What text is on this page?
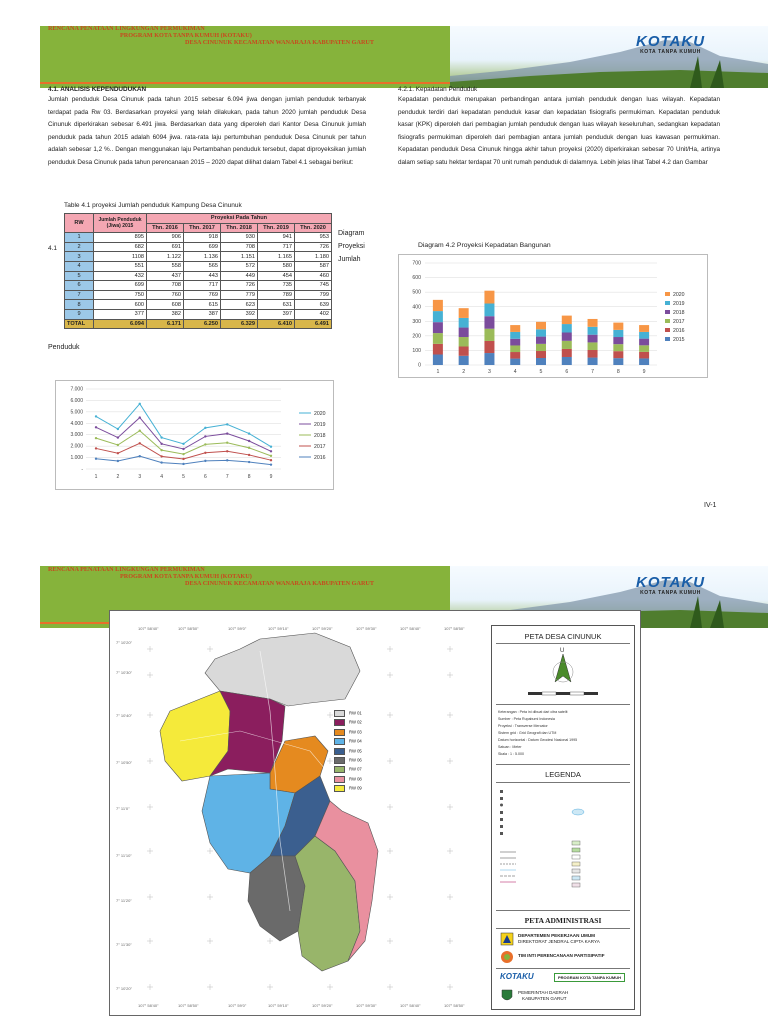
RENCANA PENATAAN LINGKUNGAN PERMUKIMAN
PROGRAM KOTA TANPA KUMUH (KOTAKU)
DESA CINUNUK KECAMATAN WANARAJA KABUPATEN GARUT	KOTAKU
KOTA TANPA KUMUH
4.1. ANALISIS KEPENDUDUKAN
Jumlah penduduk Desa Cinunuk pada tahun 2015 sebesar 6.094 jiwa dengan jumlah penduduk terbanyak terdapat pada Rw 03. Berdasarkan proyeksi yang telah dilakukan, pada tahun 2020 jumlah penduduk Desa Cinunuk diperkirakan sebesar 6.491 jiwa. Berdasarkan data yang diperoleh dari Kantor Desa Cinunuk jumlah penduduk pada tahun 2015 adalah 6094 jiwa. rata-rata laju pertumbuhan penduduk Desa Cinunuk per tahun adalah sebesar 1,2 %.. Dengan menggunakan laju Pertambahan penduduk tersebut, dapat diproyeksikan jumlah penduduk Desa Cinunuk pada tahun perencanaan 2015 – 2020 dapat dilihat dalam Tabel 4.1 sebagai berikut:
Table 4.1 proyeksi Jumlah penduduk Kampung Desa Cinunuk
RW	Jumlah Penduduk (Jiwa) 2015	Proyeksi Pada Tahun				
		Thn. 2016	Thn. 2017	Thn. 2018	Thn. 2019	Thn. 2020
1	895	906	918	930	941	953
2	682	691	699	708	717	726
3	1108	1.122	1.136	1.151	1.165	1.180
4	551	558	565	572	580	587
5	432	437	443	449	454	460
6	699	708	717	726	735	745
7	750	760	769	779	789	799
8	600	608	615	623	631	639
9	377	382	387	392	397	402
TOTAL	6.094	6.171	6.250	6.329	6.410	6.491
4.1
Diagram
Proyeksi
Jumlah
Penduduk
4.2.1. Kepadatan Penduduk
Kepadatan penduduk merupakan perbandingan antara jumlah penduduk dengan luas wilayah. Kepadatan penduduk terdiri dari kepadatan penduduk kasar dan kepadatan fisiografis permukiman. Kepadatan penduduk kasar (KPK) diperoleh dari pembagian jumlah penduduk dengan luas wilayah keseluruhan, sedangkan kepadatan fisiografis permukiman diperoleh dari pembagian antara jumlah penduduk dengan luas kawasan permukiman. Kepadatan penduduk Desa Cinunuk hingga akhir tahun proyeksi (2020) diperkirakan sebesar 70 Unit/Ha, artinya dalam setiap satu hektar terdapat 70 unit rumah penduduk di dalamnya. Lebih jelas lihat Tabel 4.2 dan Gambar
-
1.000
2.000
3.000
4.000
5.000
6.000
7.000
1	2	3	4	5	6	7	8	9
2020
2019
2018
2017
2016
Diagram 4.2 Proyeksi Kepadatan Bangunan
0
100
200
300
400
500
600
700
1	2	3	4	5	6	7	8	9
2020
2019
2018
2017
2016
2015
IV-1
RENCANA PENATAAN LINGKUNGAN PERMUKIMAN
PROGRAM KOTA TANPA KUMUH (KOTAKU)
DESA CINUNUK KECAMATAN WANARAJA KABUPATEN GARUT	KOTAKU
KOTA TANPA KUMUH
RW 01
RW 02
RW 03
RW 04
RW 05
RW 06
RW 07
RW 08
RW 09
107° 58'40"
107° 58'40"
107° 58'50"
107° 58'50"
107° 59'0"
107° 59'0"
107° 59'10"
107° 59'10"
107° 59'20"
107° 59'20"
107° 59'30"
107° 59'30"
107° 58'40"
107° 58'40"
107° 58'50"
107° 58'50"
7° 10'20"
7° 10'30"
7° 10'40"
7° 10'50"
7° 11'0"
7° 11'10"
7° 11'20"
7° 11'30"
7° 10'20"
PETA DESA CINUNUK
U
Keterangan : Peta ini dibuat dari citra satelit
Sumber : Peta Rupabumi Indonesia
Proyeksi : Transverse Mercator
Sistem grid : Grid Geografi dan UTM
Datum horizontal : Datum Geodesi Nasional 1995
Satuan : Meter
Skala : 1 : 5.000
LEGENDA
PETA ADMINISTRASI
DEPARTEMEN PEKERJAAN UMUM
DIREKTORAT JENDRAL CIPTA KARYA
TIM INTI PERENCANAAN PARTISIPATIF
KOTAKU	PROGRAM KOTA TANPA KUMUH
PEMERINTAH DAERAH
KABUPATEN GARUT
